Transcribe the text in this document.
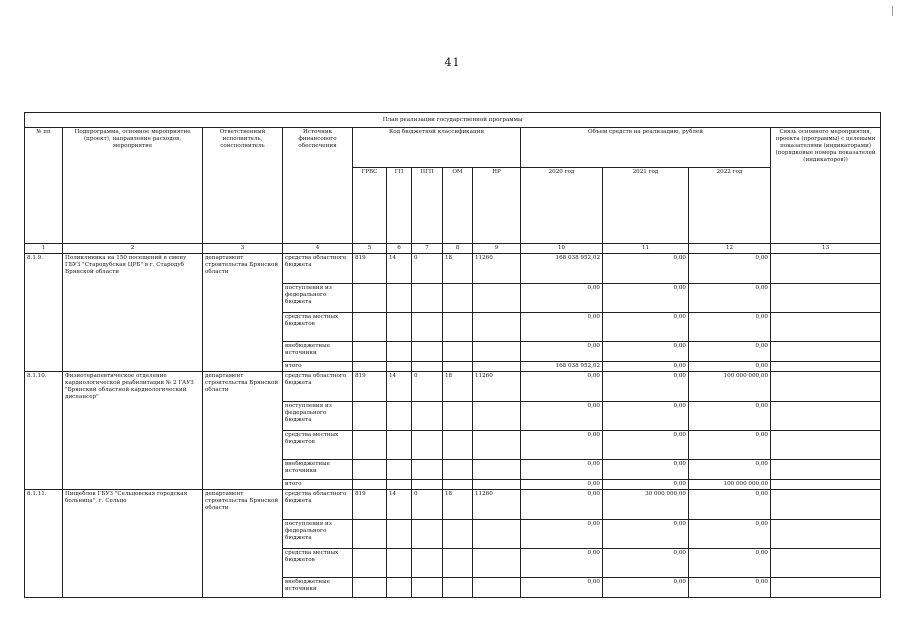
41
План реализации государственной программы												
№ пп	Подпрограмма, основное мероприятие (проект), направление расходов, мероприятие	Ответственный исполнитель, соисполнитель	Источник финансового обеспечения	Код бюджетной классификации					Объем средств на реализацию, рублей			Связь основного мероприятия, проекта (программы) с целевыми показателями (индикаторами) (порядковые номера показателей (индикаторов))
				ГРБС	ГП	ПГП	ОМ	НР	2020 год	2021 год	2022 год	
1	2	3	4	5	6	7	8	9	10	11	12	13
8.1.9.	Поликлиника на 150 посещений в смену ГБУЗ "Стародубская ЦРБ" в г. Стародуб Брянской области	департамент строительства Брянской области	средства областного бюджета	819	14	0	18	11260	168 038 952,02	0,00	0,00	
			поступления из федерального бюджета						0,00	0,00	0,00	
			средства местных бюджетов						0,00	0,00	0,00	
			внебюджетные источники						0,00	0,00	0,00	
			итого						168 038 952,02	0,00	0,00	
8.1.10.	Физиотерапевтическое отделение кардиологической реабилитации № 2 ГАУЗ "Брянский областной кардиологический диспансер"	департамент строительства Брянской области	средства областного бюджета	819	14	0	18	11260	0,00	0,00	100 000 000,00	
			поступления из федерального бюджета						0,00	0,00	0,00	
			средства местных бюджетов						0,00	0,00	0,00	
			внебюджетные источники						0,00	0,00	0,00	
			итого						0,00	0,00	100 000 000,00	
8.1.11.	Пищеблок ГБУЗ "Сельцовская городская больница", г. Сельцо	департамент строительства Брянской области	средства областного бюджета	819	14	0	18	11260	0,00	30 000 000,00	0,00	
			поступления из федерального бюджета						0,00	0,00	0,00	
			средства местных бюджетов						0,00	0,00	0,00	
			внебюджетные источники						0,00	0,00	0,00	
